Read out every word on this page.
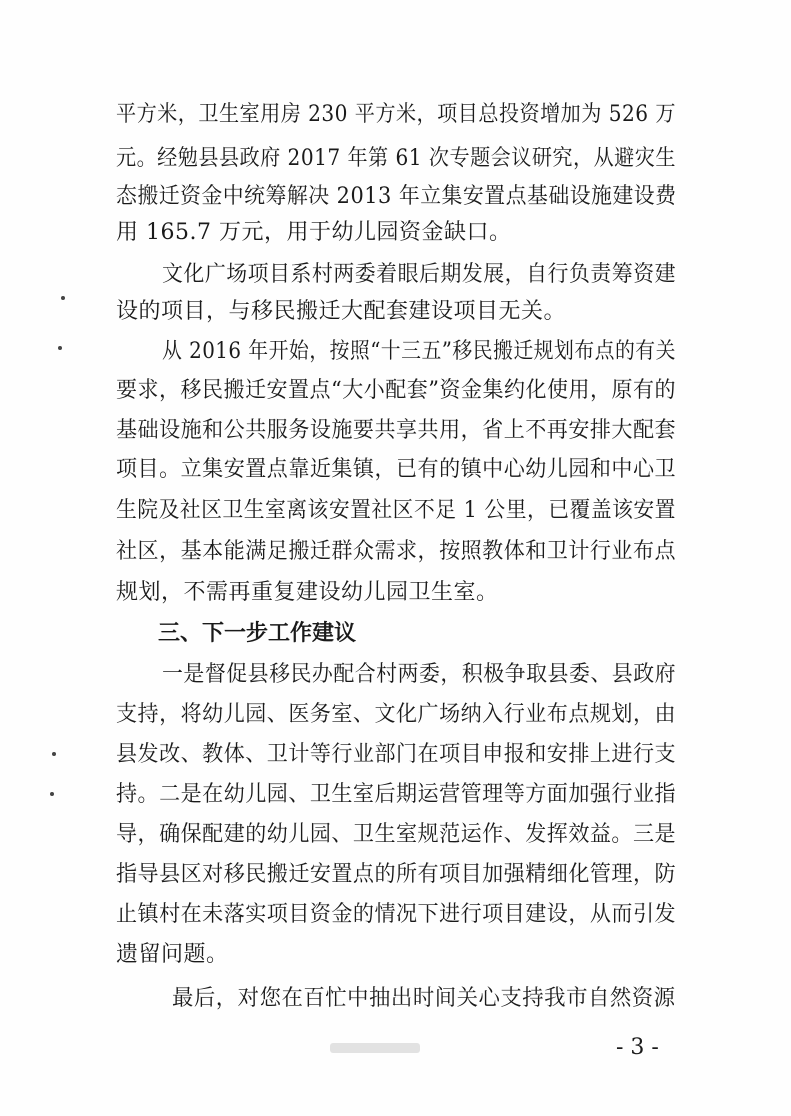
平方米，卫生室用房 230 平方米，项目总投资增加为 526 万
元。经勉县县政府 2017 年第 61 次专题会议研究，从避灾生
态搬迁资金中统筹解决 2013 年立集安置点基础设施建设费
用 165.7 万元，用于幼儿园资金缺口。
文化广场项目系村两委着眼后期发展，自行负责筹资建
设的项目，与移民搬迁大配套建设项目无关。
从 2016 年开始，按照“十三五”移民搬迁规划布点的有关
要求，移民搬迁安置点“大小配套”资金集约化使用，原有的
基础设施和公共服务设施要共享共用，省上不再安排大配套
项目。立集安置点靠近集镇，已有的镇中心幼儿园和中心卫
生院及社区卫生室离该安置社区不足 1 公里，已覆盖该安置
社区，基本能满足搬迁群众需求，按照教体和卫计行业布点
规划，不需再重复建设幼儿园卫生室。
三、下一步工作建议
一是督促县移民办配合村两委，积极争取县委、县政府
支持，将幼儿园、医务室、文化广场纳入行业布点规划，由
县发改、教体、卫计等行业部门在项目申报和安排上进行支
持。二是在幼儿园、卫生室后期运营管理等方面加强行业指
导，确保配建的幼儿园、卫生室规范运作、发挥效益。三是
指导县区对移民搬迁安置点的所有项目加强精细化管理，防
止镇村在未落实项目资金的情况下进行项目建设，从而引发
遗留问题。
最后，对您在百忙中抽出时间关心支持我市自然资源
- 3 -
